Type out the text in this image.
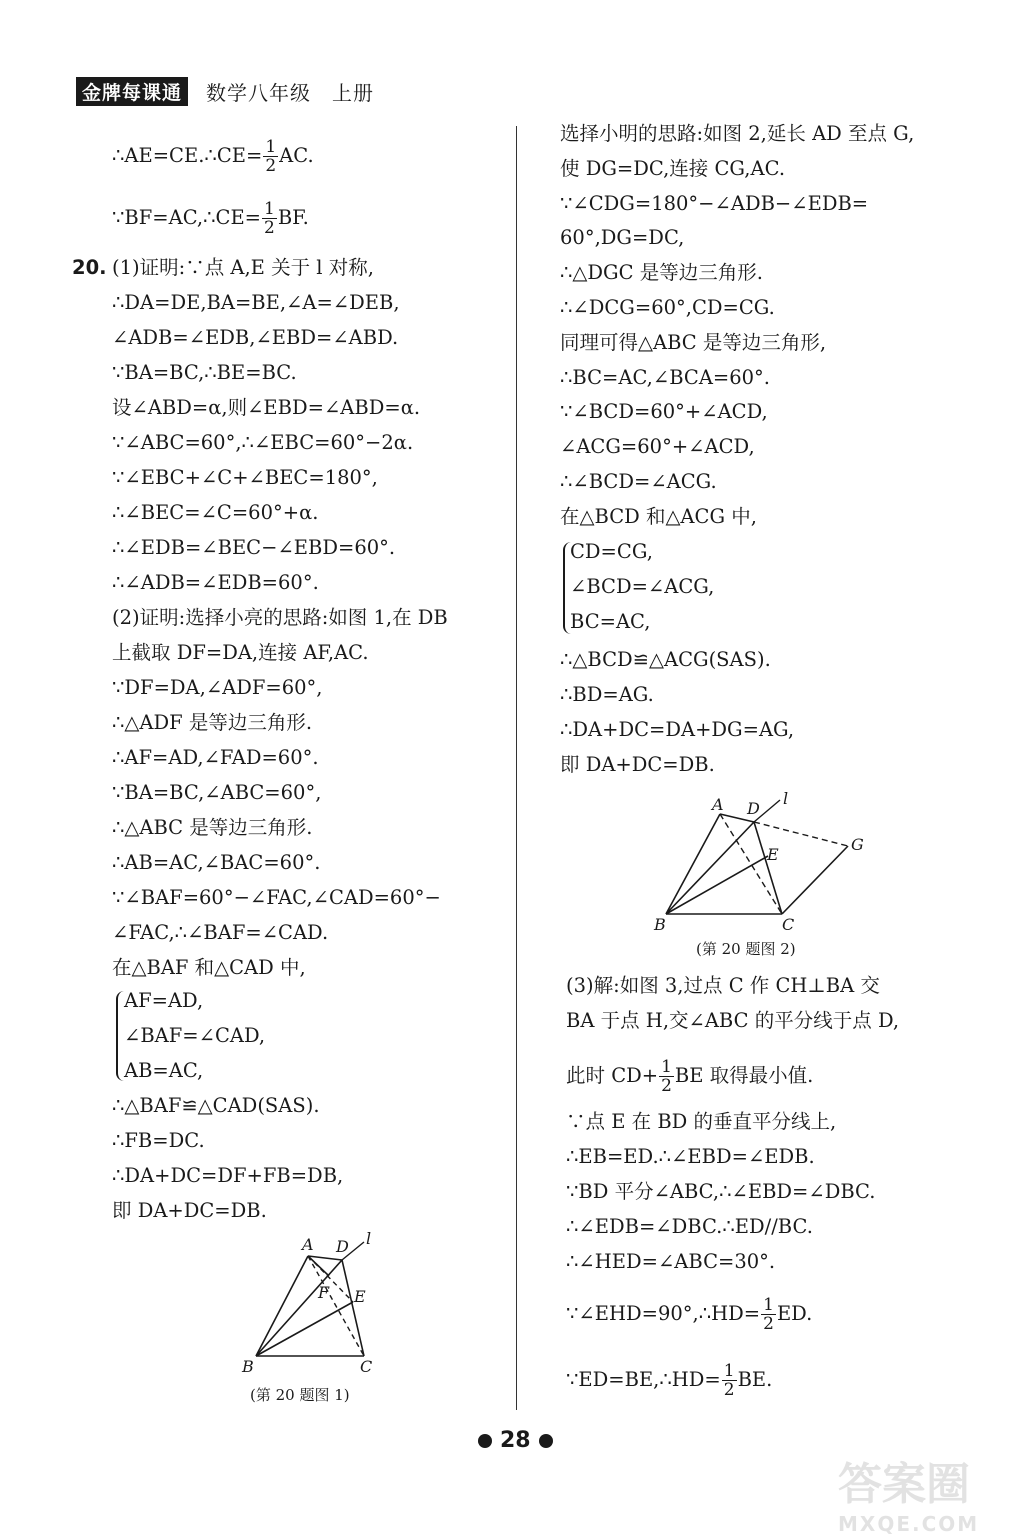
金牌每课通	数学八年级　上册
∴AE=CE.∴CE= $\frac{1}{2}$ AC.
∵BF=AC,∴CE= $\frac{1}{2}$ BF.
20. (1)证明:∵点 A,E 关于 l 对称,
∴DA=DE,BA=BE,∠A=∠DEB,
∠ADB=∠EDB,∠EBD=∠ABD.
∵BA=BC,∴BE=BC.
设∠ABD=α,则∠EBD=∠ABD=α.
∵∠ABC=60°,∴∠EBC=60°−2α.
∵∠EBC+∠C+∠BEC=180°,
∴∠BEC=∠C=60°+α.
∴∠EDB=∠BEC−∠EBD=60°.
∴∠ADB=∠EDB=60°.
(2)证明:选择小亮的思路:如图 1,在 DB
上截取 DF=DA,连接 AF,AC.
∵DF=DA,∠ADF=60°,
∴△ADF 是等边三角形.
∴AF=AD,∠FAD=60°.
∵BA=BC,∠ABC=60°,
∴△ABC 是等边三角形.
∴AB=AC,∠BAC=60°.
∵∠BAF=60°−∠FAC,∠CAD=60°−
∠FAC,∴∠BAF=∠CAD.
在△BAF 和△CAD 中,
AF=AD,
∠BAF=∠CAD,
AB=AC,
∴△BAF≌△CAD(SAS).
∴FB=DC.
∴DA+DC=DF+FB=DB,
即 DA+DC=DB.
A D l
F E
B	C
(第 20 题图 1)
选择小明的思路:如图 2,延长 AD 至点 G,
使 DG=DC,连接 CG,AC.
∵∠CDG=180°−∠ADB−∠EDB=
60°,DG=DC,
∴△DGC 是等边三角形.
∴∠DCG=60°,CD=CG.
同理可得△ABC 是等边三角形,
∴BC=AC,∠BCA=60°.
∵∠BCD=60°+∠ACD,
∠ACG=60°+∠ACD,
∴∠BCD=∠ACG.
在△BCD 和△ACG 中,
CD=CG,
∠BCD=∠ACG,
BC=AC,
∴△BCD≌△ACG(SAS).
∴BD=AG.
∴DA+DC=DA+DG=AG,
即 DA+DC=DB.
A D
l
E
G
B	C
(第 20 题图 2)
(3)解:如图 3,过点 C 作 CH⊥BA 交
BA 于点 H,交∠ABC 的平分线于点 D,
此时 $CD+ \frac{1}{2}$ BE 取得最小值.
∵点 E 在 BD 的垂直平分线上,
∴EB=ED.∴∠EBD=∠EDB.
∵BD 平分∠ABC,∴∠EBD=∠DBC.
∴∠EDB=∠DBC.∴ED//BC.
∴∠HED=∠ABC=30°.
∵∠EHD=90°,∴HD= $\frac{1}{2}$ ED.
∵ED=BE,∴HD= $\frac{1}{2}$ BE.
28
答案圈
MXQE.COM
